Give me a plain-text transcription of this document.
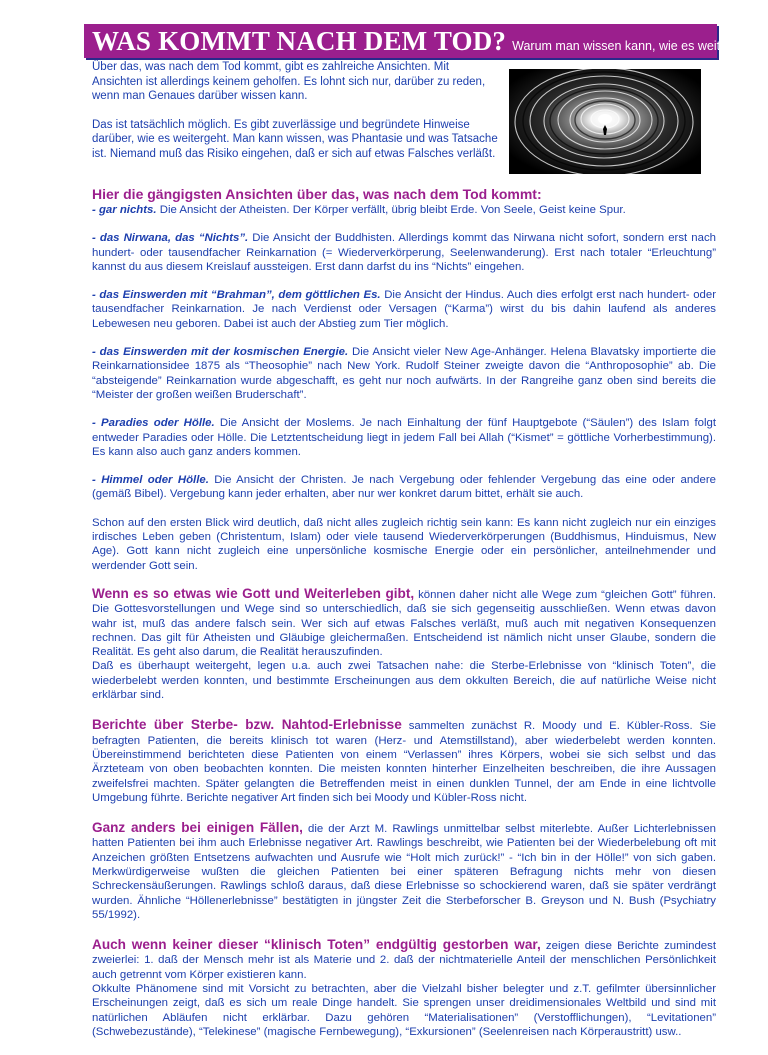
WAS KOMMT NACH DEM TOD? Warum man wissen kann, wie es weitergeht

Über das, was nach dem Tod kommt, gibt es zahlreiche Ansichten. Mit Ansichten ist allerdings keinem geholfen. Es lohnt sich nur, darüber zu reden, wenn man Genaues darüber wissen kann.

Das ist tatsächlich möglich. Es gibt zuverlässige und begründete Hinweise darüber, wie es weitergeht. Man kann wissen, was Phantasie und was Tatsache ist. Niemand muß das Risiko eingehen, daß er sich auf etwas Falsches verläßt.

Hier die gängigsten Ansichten über das, was nach dem Tod kommt:

- gar nichts. Die Ansicht der Atheisten. Der Körper verfällt, übrig bleibt Erde. Von Seele, Geist keine Spur.

- das Nirwana, das “Nichts”. Die Ansicht der Buddhisten. Allerdings kommt das Nirwana nicht sofort, sondern erst nach hundert- oder tausendfacher Reinkarnation (= Wiederverkörperung, Seelenwanderung). Erst nach totaler “Erleuchtung” kannst du aus diesem Kreislauf aussteigen. Erst dann darfst du ins “Nichts” eingehen.

- das Einswerden mit “Brahman”, dem göttlichen Es. Die Ansicht der Hindus. Auch dies erfolgt erst nach hundert- oder tausendfacher Reinkarnation. Je nach Verdienst oder Versagen (“Karma”) wirst du bis dahin laufend als anderes Lebewesen neu geboren. Dabei ist auch der Abstieg zum Tier möglich.

- das Einswerden mit der kosmischen Energie. Die Ansicht vieler New Age-Anhänger. Helena Blavatsky importierte die Reinkarnationsidee 1875 als “Theosophie” nach New York. Rudolf Steiner zweigte davon die “Anthroposophie” ab. Die “absteigende” Reinkarnation wurde abgeschafft, es geht nur noch aufwärts. In der Rangreihe ganz oben sind bereits die “Meister der großen weißen Bruderschaft”.

- Paradies oder Hölle. Die Ansicht der Moslems. Je nach Einhaltung der fünf Hauptgebote (“Säulen”) des Islam folgt entweder Paradies oder Hölle. Die Letztentscheidung liegt in jedem Fall bei Allah (“Kismet” = göttliche Vorherbestimmung). Es kann also auch ganz anders kommen.

- Himmel oder Hölle. Die Ansicht der Christen. Je nach Vergebung oder fehlender Vergebung das eine oder andere (gemäß Bibel). Vergebung kann jeder erhalten, aber nur wer konkret darum bittet, erhält sie auch.

Schon auf den ersten Blick wird deutlich, daß nicht alles zugleich richtig sein kann: Es kann nicht zugleich nur ein einziges irdisches Leben geben (Christentum, Islam) oder viele tausend Wiederverkörperungen (Buddhismus, Hinduismus, New Age). Gott kann nicht zugleich eine unpersönliche kosmische Energie oder ein persönlicher, anteilnehmender und werdender Gott sein.

Wenn es so etwas wie Gott und Weiterleben gibt, können daher nicht alle Wege zum “gleichen Gott” führen. Die Gottesvorstellungen und Wege sind so unterschiedlich, daß sie sich gegenseitig ausschließen. Wenn etwas davon wahr ist, muß das andere falsch sein. Wer sich auf etwas Falsches verläßt, muß auch mit negativen Konsequenzen rechnen. Das gilt für Atheisten und Gläubige gleichermaßen. Entscheidend ist nämlich nicht unser Glaube, sondern die Realität. Es geht also darum, die Realität herauszufinden.

Daß es überhaupt weitergeht, legen u.a. auch zwei Tatsachen nahe: die Sterbe-Erlebnisse von “klinisch Toten”, die wiederbelebt werden konnten, und bestimmte Erscheinungen aus dem okkulten Bereich, die auf natürliche Weise nicht erklärbar sind.

Berichte über Sterbe- bzw. Nahtod-Erlebnisse sammelten zunächst R. Moody und E. Kübler-Ross. Sie befragten Patienten, die bereits klinisch tot waren (Herz- und Atemstillstand), aber wiederbelebt werden konnten. Übereinstimmend berichteten diese Patienten von einem “Verlassen” ihres Körpers, wobei sie sich selbst und das Ärzteteam von oben beobachten konnten. Die meisten konnten hinterher Einzelheiten beschreiben, die ihre Aussagen zweifelsfrei machten. Später gelangten die Betreffenden meist in einen dunklen Tunnel, der am Ende in eine lichtvolle Umgebung führte. Berichte negativer Art finden sich bei Moody und Kübler-Ross nicht.

Ganz anders bei einigen Fällen, die der Arzt M. Rawlings unmittelbar selbst miterlebte. Außer Lichterlebnissen hatten Patienten bei ihm auch Erlebnisse negativer Art. Rawlings beschreibt, wie Patienten bei der Wiederbelebung oft mit Anzeichen größten Entsetzens aufwachten und Ausrufe wie “Holt mich zurück!” - “Ich bin in der Hölle!” von sich gaben. Merkwürdigerweise wußten die gleichen Patienten bei einer späteren Befragung nichts mehr von diesen Schreckensäußerungen. Rawlings schloß daraus, daß diese Erlebnisse so schockierend waren, daß sie später verdrängt wurden. Ähnliche “Höllenerlebnisse” bestätigten in jüngster Zeit die Sterbeforscher B. Greyson und N. Bush (Psychiatry 55/1992).

Auch wenn keiner dieser “klinisch Toten” endgültig gestorben war, zeigen diese Berichte zumindest zweierlei: 1. daß der Mensch mehr ist als Materie und 2. daß der nichtmaterielle Anteil der menschlichen Persönlichkeit auch getrennt vom Körper existieren kann.

Okkulte Phänomene sind mit Vorsicht zu betrachten, aber die Vielzahl bisher belegter und z.T. gefilmter übersinnlicher Erscheinungen zeigt, daß es sich um reale Dinge handelt. Sie sprengen unser dreidimensionales Weltbild und sind mit natürlichen Abläufen nicht erklärbar. Dazu gehören “Materialisationen” (Verstofflichungen), “Levitationen” (Schwebezustände), “Telekinese” (magische Fernbewegung), “Exkursionen” (Seelenreisen nach Körperaustritt) usw..
